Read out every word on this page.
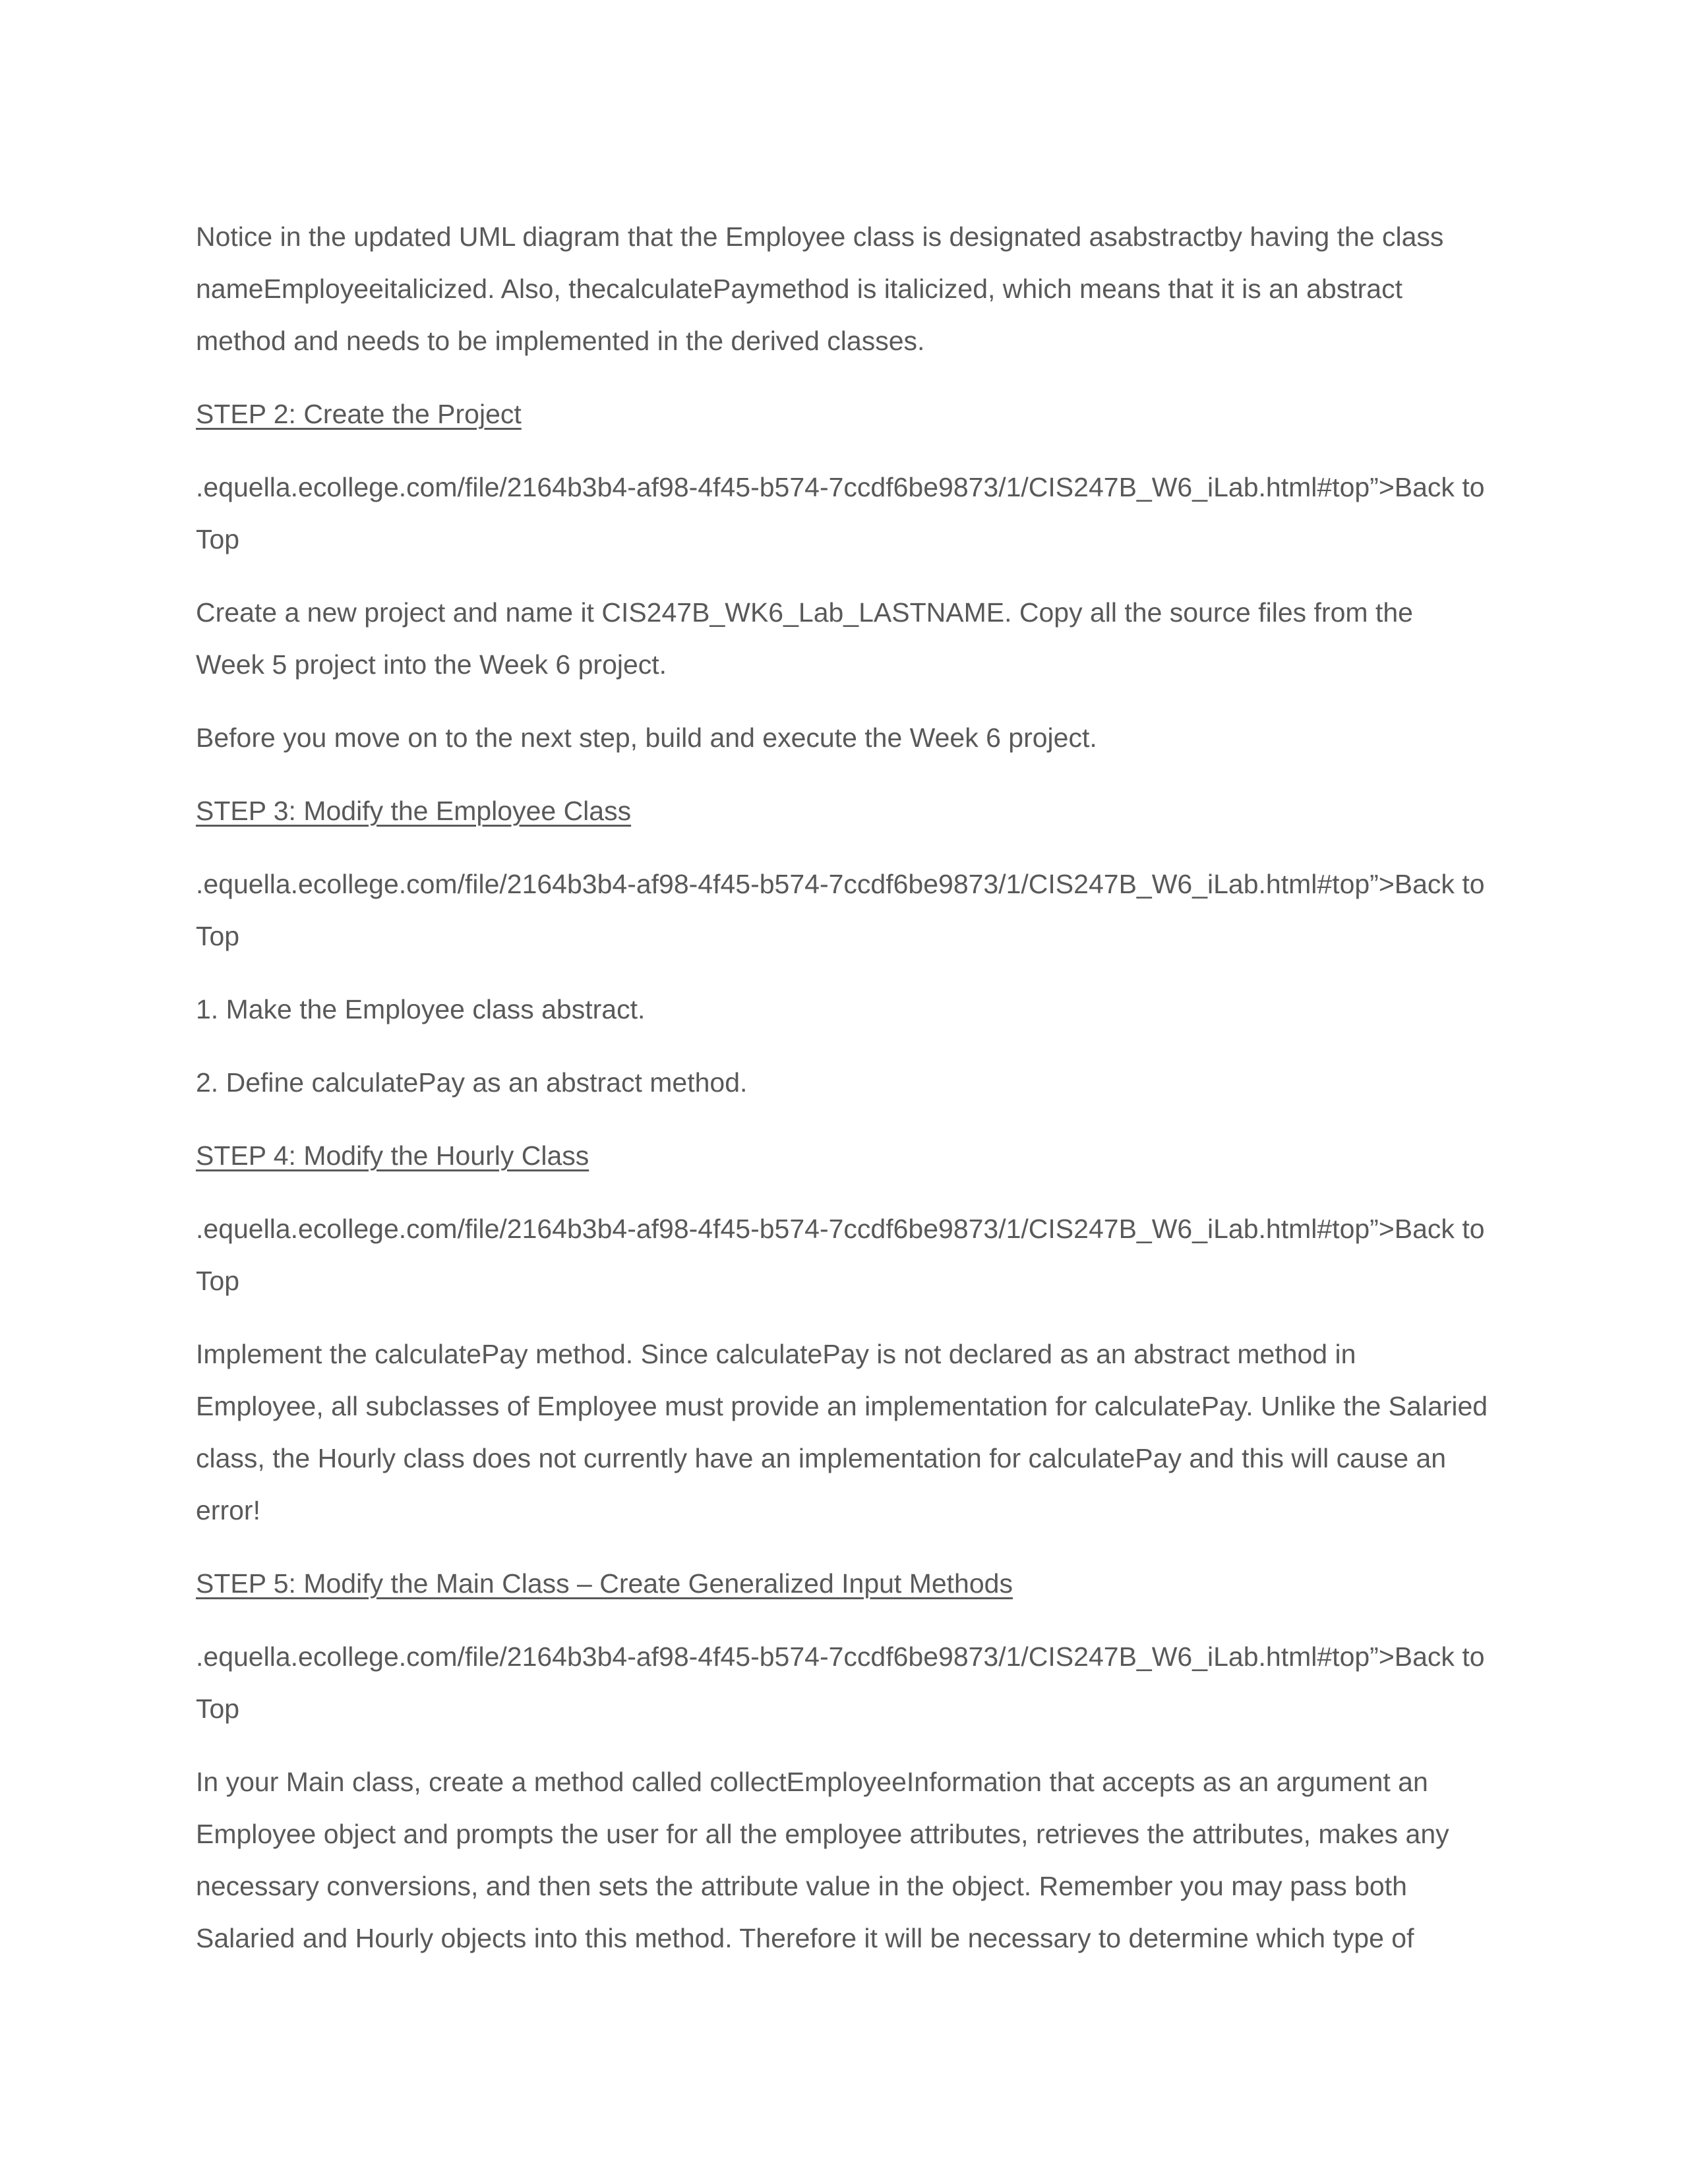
Notice in the updated UML diagram that the Employee class is designated asabstractby having the class nameEmployeeitalicized. Also, thecalculatePaymethod is italicized, which means that it is an abstract method and needs to be implemented in the derived classes.

STEP 2: Create the Project

.equella.ecollege.com/file/2164b3b4-af98-4f45-b574-7ccdf6be9873/1/CIS247B_W6_iLab.html#top”>Back to Top

Create a new project and name it CIS247B_WK6_Lab_LASTNAME. Copy all the source files from the Week 5 project into the Week 6 project.

Before you move on to the next step, build and execute the Week 6 project.

STEP 3: Modify the Employee Class

.equella.ecollege.com/file/2164b3b4-af98-4f45-b574-7ccdf6be9873/1/CIS247B_W6_iLab.html#top”>Back to Top

1. Make the Employee class abstract.

2. Define calculatePay as an abstract method.

STEP 4: Modify the Hourly Class

.equella.ecollege.com/file/2164b3b4-af98-4f45-b574-7ccdf6be9873/1/CIS247B_W6_iLab.html#top”>Back to Top

Implement the calculatePay method. Since calculatePay is not declared as an abstract method in Employee, all subclasses of Employee must provide an implementation for calculatePay. Unlike the Salaried class, the Hourly class does not currently have an implementation for calculatePay and this will cause an error!

STEP 5: Modify the Main Class – Create Generalized Input Methods

.equella.ecollege.com/file/2164b3b4-af98-4f45-b574-7ccdf6be9873/1/CIS247B_W6_iLab.html#top”>Back to Top

In your Main class, create a method called collectEmployeeInformation that accepts as an argument an Employee object and prompts the user for all the employee attributes, retrieves the attributes, makes any necessary conversions, and then sets the attribute value in the object. Remember you may pass both Salaried and Hourly objects into this method. Therefore it will be necessary to determine which type of
